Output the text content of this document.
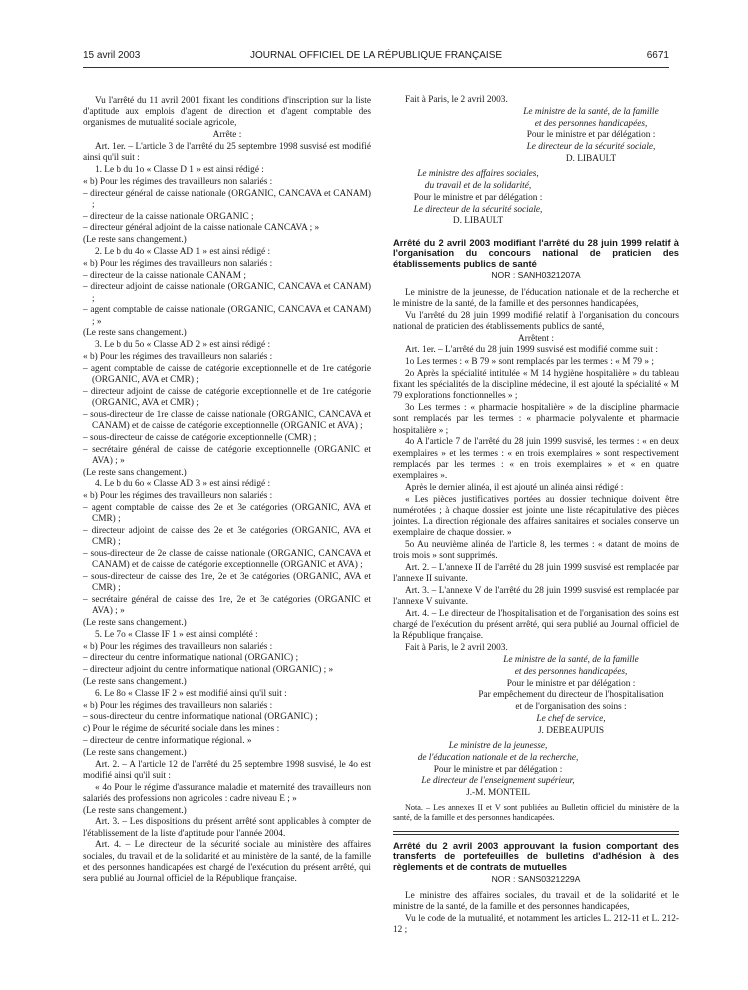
15 avril 2003	JOURNAL OFFICIEL DE LA RÉPUBLIQUE FRANÇAISE	6671

Vu l'arrêté du 11 avril 2001 fixant les conditions d'inscription sur la liste d'aptitude aux emplois d'agent de direction et d'agent comptable des organismes de mutualité sociale agricole,

Arrête :

Art. 1er. – L'article 3 de l'arrêté du 25 septembre 1998 susvisé est modifié ainsi qu'il suit :

1. Le b du 1o « Classe D 1 » est ainsi rédigé :

« b) Pour les régimes des travailleurs non salariés :

– directeur général de caisse nationale (ORGANIC, CANCAVA et CANAM) ;

– directeur de la caisse nationale ORGANIC ;

– directeur général adjoint de la caisse nationale CANCAVA ; »

(Le reste sans changement.)

2. Le b du 4o « Classe AD 1 » est ainsi rédigé :

« b) Pour les régimes des travailleurs non salariés :

– directeur de la caisse nationale CANAM ;

– directeur adjoint de caisse nationale (ORGANIC, CANCAVA et CANAM) ;

– agent comptable de caisse nationale (ORGANIC, CANCAVA et CANAM) ; »

(Le reste sans changement.)

3. Le b du 5o « Classe AD 2 » est ainsi rédigé :

« b) Pour les régimes des travailleurs non salariés :

– agent comptable de caisse de catégorie exceptionnelle et de 1re catégorie (ORGANIC, AVA et CMR) ;

– directeur adjoint de caisse de catégorie exceptionnelle et de 1re catégorie (ORGANIC, AVA et CMR) ;

– sous-directeur de 1re classe de caisse nationale (ORGANIC, CANCAVA et CANAM) et de caisse de catégorie exceptionnelle (ORGANIC et AVA) ;

– sous-directeur de caisse de catégorie exceptionnelle (CMR) ;

– secrétaire général de caisse de catégorie exceptionnelle (ORGANIC et AVA) ; »

(Le reste sans changement.)

4. Le b du 6o « Classe AD 3 » est ainsi rédigé :

« b) Pour les régimes des travailleurs non salariés :

– agent comptable de caisse des 2e et 3e catégories (ORGANIC, AVA et CMR) ;

– directeur adjoint de caisse des 2e et 3e catégories (ORGANIC, AVA et CMR) ;

– sous-directeur de 2e classe de caisse nationale (ORGANIC, CANCAVA et CANAM) et de caisse de catégorie exceptionnelle (ORGANIC et AVA) ;

– sous-directeur de caisse des 1re, 2e et 3e catégories (ORGANIC, AVA et CMR) ;

– secrétaire général de caisse des 1re, 2e et 3e catégories (ORGANIC et AVA) ; »

(Le reste sans changement.)

5. Le 7o « Classe IF 1 » est ainsi complété :

« b) Pour les régimes des travailleurs non salariés :

– directeur du centre informatique national (ORGANIC) ;

– directeur adjoint du centre informatique national (ORGANIC) ; »

(Le reste sans changement.)

6. Le 8o « Classe IF 2 » est modifié ainsi qu'il suit :

« b) Pour les régimes des travailleurs non salariés :

– sous-directeur du centre informatique national (ORGANIC) ;

c) Pour le régime de sécurité sociale dans les mines :

– directeur de centre informatique régional. »

(Le reste sans changement.)

Art. 2. – A l'article 12 de l'arrêté du 25 septembre 1998 susvisé, le 4o est modifié ainsi qu'il suit :

« 4o Pour le régime d'assurance maladie et maternité des travailleurs non salariés des professions non agricoles : cadre niveau E ; »

(Le reste sans changement.)

Art. 3. – Les dispositions du présent arrêté sont applicables à compter de l'établissement de la liste d'aptitude pour l'année 2004.

Art. 4. – Le directeur de la sécurité sociale au ministère des affaires sociales, du travail et de la solidarité et au ministère de la santé, de la famille et des personnes handicapées est chargé de l'exécution du présent arrêté, qui sera publié au Journal officiel de la République française.

Fait à Paris, le 2 avril 2003.

Le ministre de la santé, de la famille

et des personnes handicapées,

Pour le ministre et par délégation :

Le directeur de la sécurité sociale,

D. LIBAULT

Le ministre des affaires sociales,

du travail et de la solidarité,

Pour le ministre et par délégation :

Le directeur de la sécurité sociale,

D. LIBAULT

Arrêté du 2 avril 2003 modifiant l'arrêté du 28 juin 1999 relatif à l'organisation du concours national de praticien des établissements publics de santé

NOR : SANH0321207A

Le ministre de la jeunesse, de l'éducation nationale et de la recherche et le ministre de la santé, de la famille et des personnes handicapées,

Vu l'arrêté du 28 juin 1999 modifié relatif à l'organisation du concours national de praticien des établissements publics de santé,

Arrêtent :

Art. 1er. – L'arrêté du 28 juin 1999 susvisé est modifié comme suit :

1o Les termes : « B 79 » sont remplacés par les termes : « M 79 » ;

2o Après la spécialité intitulée « M 14 hygiène hospitalière » du tableau fixant les spécialités de la discipline médecine, il est ajouté la spécialité « M 79 explorations fonctionnelles » ;

3o Les termes : « pharmacie hospitalière » de la discipline pharmacie sont remplacés par les termes : « pharmacie polyvalente et pharmacie hospitalière » ;

4o A l'article 7 de l'arrêté du 28 juin 1999 susvisé, les termes : « en deux exemplaires » et les termes : « en trois exemplaires » sont respectivement remplacés par les termes : « en trois exemplaires » et « en quatre exemplaires ».

Après le dernier alinéa, il est ajouté un alinéa ainsi rédigé :

« Les pièces justificatives portées au dossier technique doivent être numérotées ; à chaque dossier est jointe une liste récapitulative des pièces jointes. La direction régionale des affaires sanitaires et sociales conserve un exemplaire de chaque dossier. »

5o Au neuvième alinéa de l'article 8, les termes : « datant de moins de trois mois » sont supprimés.

Art. 2. – L'annexe II de l'arrêté du 28 juin 1999 susvisé est remplacée par l'annexe II suivante.

Art. 3. – L'annexe V de l'arrêté du 28 juin 1999 susvisé est remplacée par l'annexe V suivante.

Art. 4. – Le directeur de l'hospitalisation et de l'organisation des soins est chargé de l'exécution du présent arrêté, qui sera publié au Journal officiel de la République française.

Fait à Paris, le 2 avril 2003.

Le ministre de la santé, de la famille

et des personnes handicapées,

Pour le ministre et par délégation :

Par empêchement du directeur de l'hospitalisation

et de l'organisation des soins :

Le chef de service,

J. DEBEAUPUIS

Le ministre de la jeunesse,

de l'éducation nationale et de la recherche,

Pour le ministre et par délégation :

Le directeur de l'enseignement supérieur,

J.-M. MONTEIL

Nota. – Les annexes II et V sont publiées au Bulletin officiel du ministère de la santé, de la famille et des personnes handicapées.

Arrêté du 2 avril 2003 approuvant la fusion comportant des transferts de portefeuilles de bulletins d'adhésion à des règlements et de contrats de mutuelles

NOR : SANS0321229A

Le ministre des affaires sociales, du travail et de la solidarité et le ministre de la santé, de la famille et des personnes handicapées,

Vu le code de la mutualité, et notamment les articles L. 212-11 et L. 212-12 ;
